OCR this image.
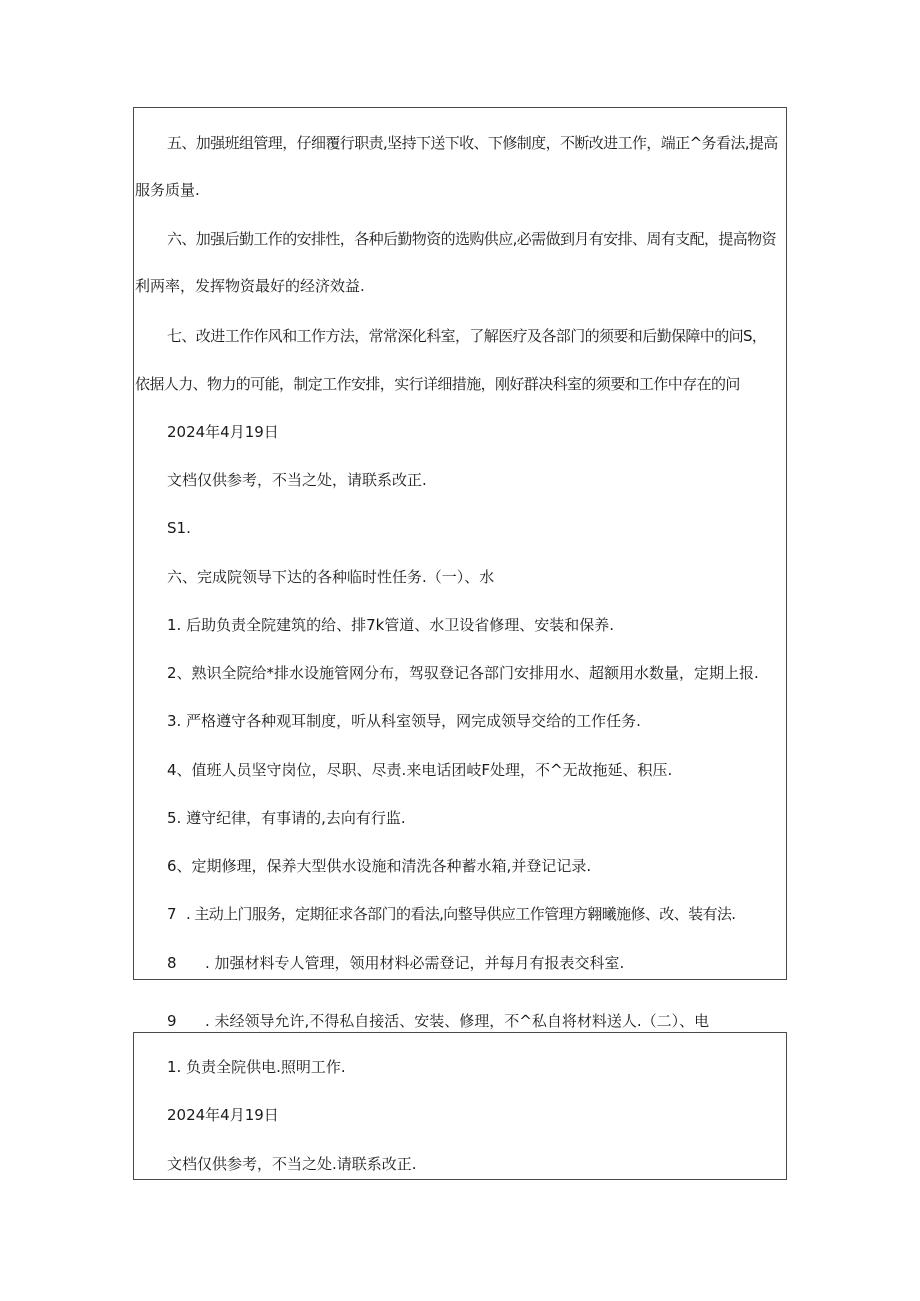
五、加强班组管理，仔细覆行职责,坚持下送下收、下修制度，不断改进工作，端正^务看法,提高
服务质量.
六、加强后勤工作的安排性，各种后勤物资的选购供应,必需做到月有安排、周有支配，提高物资
利两率，发挥物资最好的经济效益.
七、改进工作作风和工作方法，常常深化科室，了解医疗及各部门的须要和后勤保障中的问S，
依据人力、物力的可能，制定工作安排，实行详细措施，刚好群决科室的须要和工作中存在的问
2024年4月19日
文档仅供参考，不当之处，请联系改正.
S1.
六、完成院领导下达的各种临时性任务.（一）、水
1. 后助负责全院建筑的给、排7k管道、水卫设省修理、安装和保养.
2、熟识全院给*排水设施管网分布，驾驭登记各部门安排用水、超额用水数量，定期上报.
3. 严格遵守各种观耳制度，听从科室领导，网完成领导交给的工作任务.
4、值班人员坚守岗位，尽职、尽责.来电话团岐F处理，不^无故拖延、积压.
5. 遵守纪律，有事请的,去向有行监.
6、定期修理，保养大型供水设施和清洗各种蓄水箱,并登记记录.
7 . 主动上门服务，定期征求各部门的看法,向整导供应工作管理方翱曦施修、改、装有法.
8 . 加强材料专人管理，领用材料必需登记，并每月有报表交科室.
9 . 未经领导允许,不得私自接活、安装、修理，不^私自将材料送人.（二）、电
1. 负责全院供电.照明工作.
2024年4月19日
文档仅供参考，不当之处.请联系改正.
